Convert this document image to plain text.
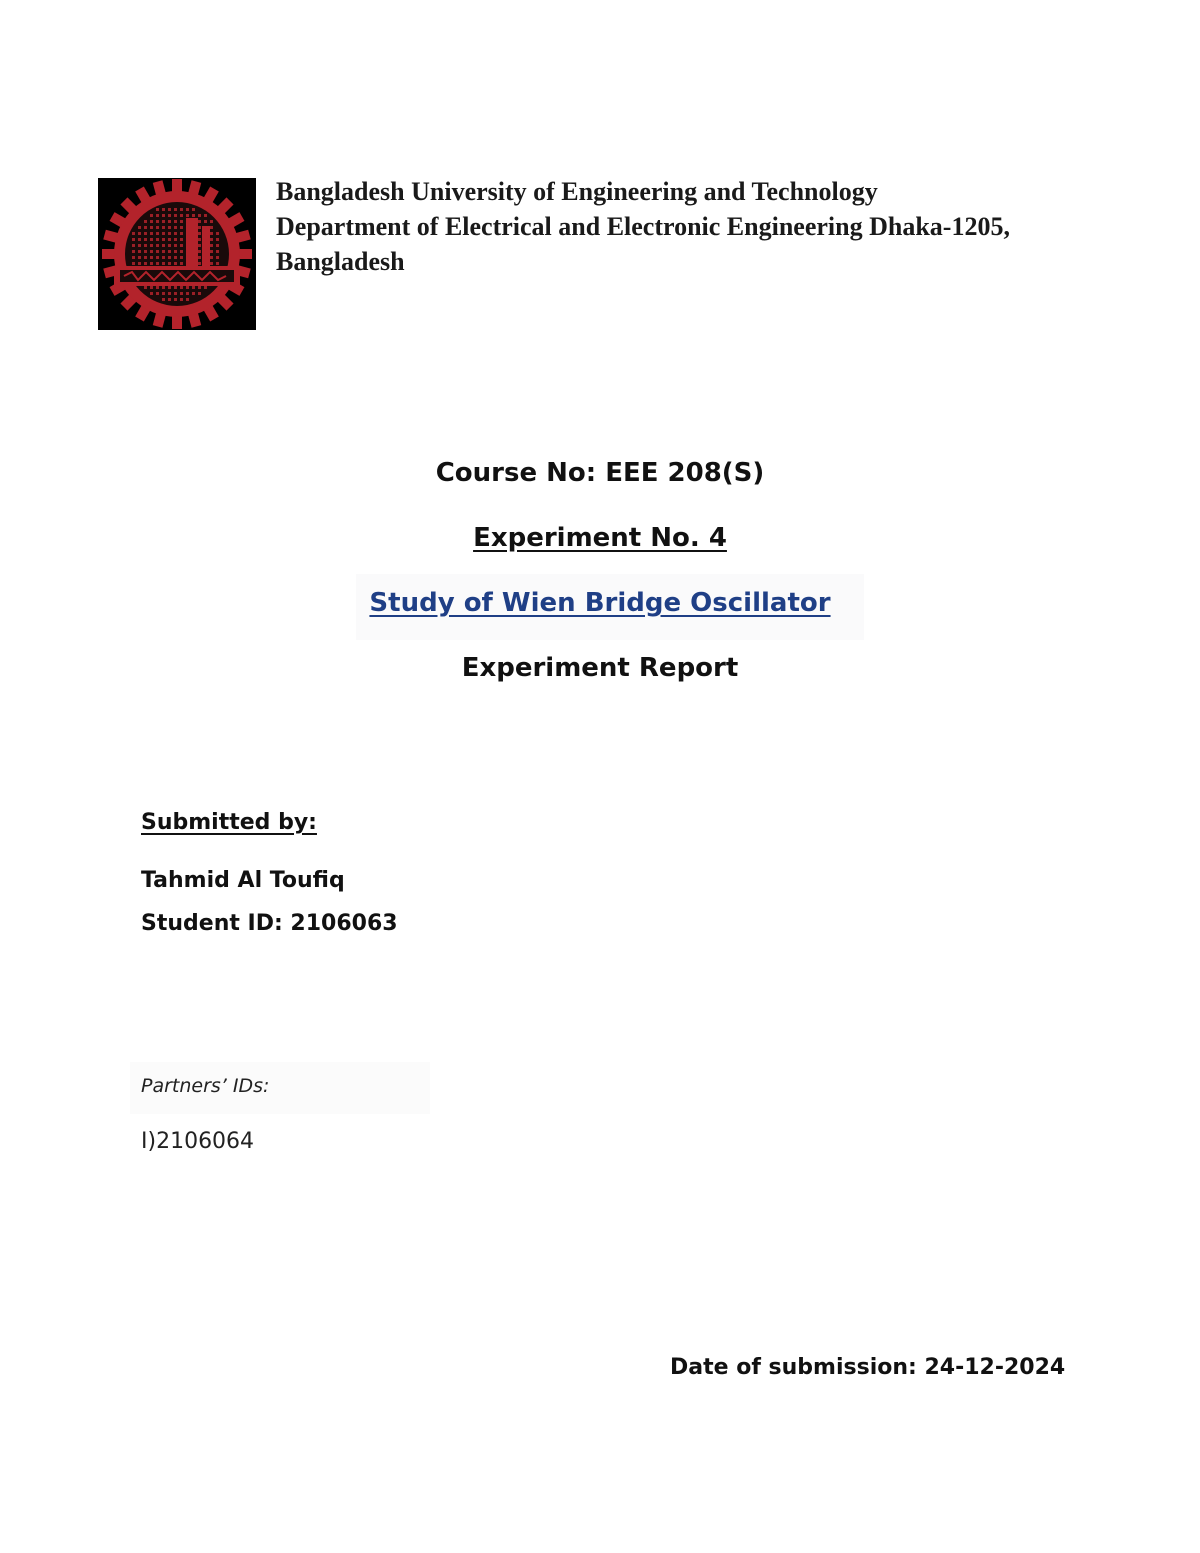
Bangladesh University of Engineering and Technology
Department of Electrical and Electronic Engineering Dhaka-1205,
Bangladesh
Course No: EEE 208(S)
Experiment No. 4
Study of Wien Bridge Oscillator
Experiment Report
Submitted by:
Tahmid Al Toufiq
Student ID: 2106063
Partners’ IDs:
I)2106064
Date of submission: 24-12-2024
